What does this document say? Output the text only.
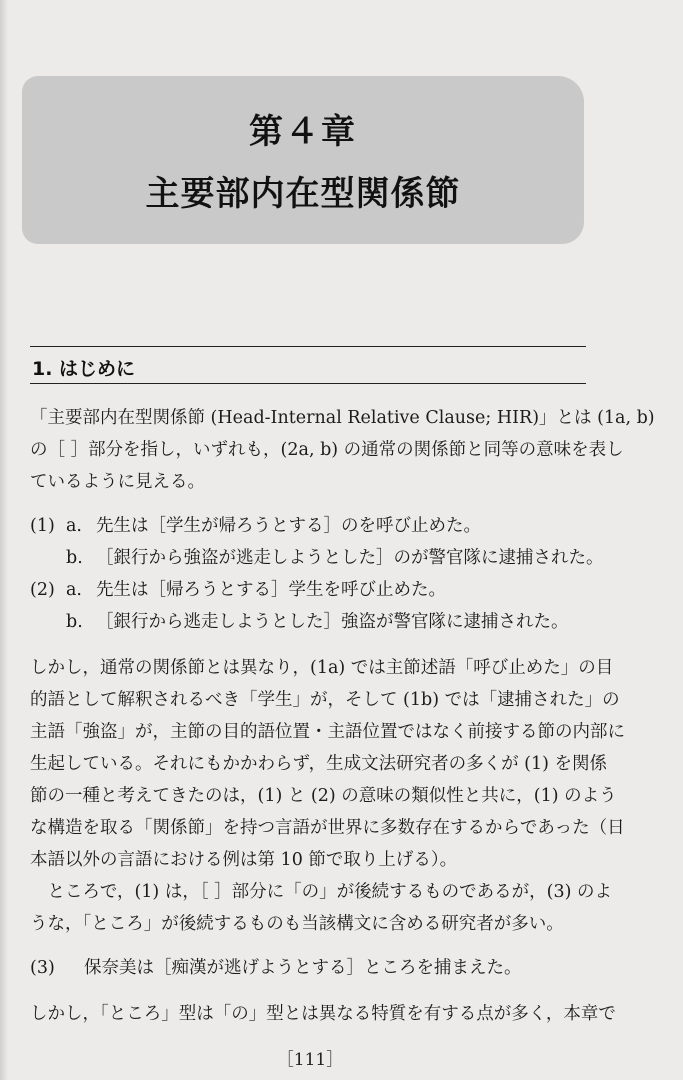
第４章
主要部内在型関係節
1. はじめに
「主要部内在型関係節 (Head-Internal Relative Clause; HIR)」とは (1a, b)
の［ ］部分を指し，いずれも，(2a, b) の通常の関係節と同等の意味を表し
ているように見える。
(1) a. 先生は［学生が帰ろうとする］のを呼び止めた。
b. ［銀行から強盗が逃走しようとした］のが警官隊に逮捕された。
(2) a. 先生は［帰ろうとする］学生を呼び止めた。
b. ［銀行から逃走しようとした］強盗が警官隊に逮捕された。
しかし，通常の関係節とは異なり，(1a) では主節述語「呼び止めた」の目
的語として解釈されるべき「学生」が，そして (1b) では「逮捕された」の
主語「強盗」が，主節の目的語位置・主語位置ではなく前接する節の内部に
生起している。それにもかかわらず，生成文法研究者の多くが (1) を関係
節の一種と考えてきたのは，(1) と (2) の意味の類似性と共に，(1) のよう
な構造を取る「関係節」を持つ言語が世界に多数存在するからであった（日
本語以外の言語における例は第 10 節で取り上げる）。
　ところで，(1) は，［ ］部分に「の」が後続するものであるが，(3) のよ
うな，「ところ」が後続するものも当該構文に含める研究者が多い。
(3) 保奈美は［痴漢が逃げようとする］ところを捕まえた。
しかし，「ところ」型は「の」型とは異なる特質を有する点が多く，本章で
［111］
